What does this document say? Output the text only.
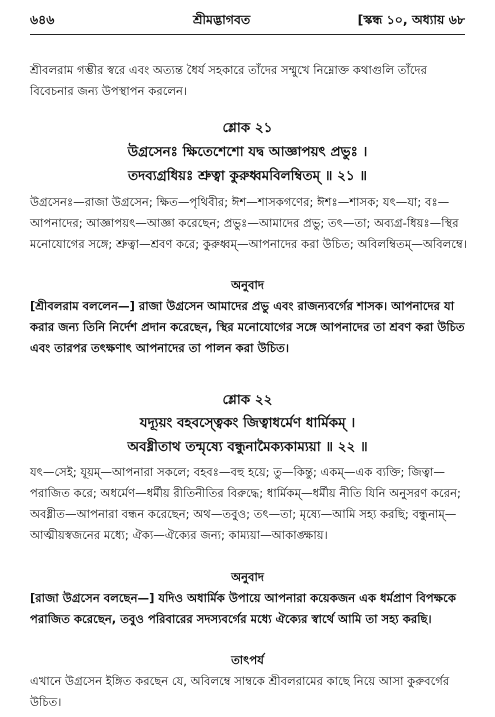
৬৪৬	শ্রীমদ্ভাগবত	[স্কন্ধ ১০, অধ্যায় ৬৮
শ্রীবলরাম গম্ভীর স্বরে এবং অত্যন্ত ধৈর্য সহকারে তাঁদের সম্মুখে নিম্নোক্ত কথাগুলি তাঁদের বিবেচনার জন্য উপস্থাপন করলেন।
শ্লোক ২১
উগ্রসেনঃ ক্ষিতেশেশো যদ্ব আজ্ঞাপয়ৎ প্রভুঃ ।
তদব্যগ্রধিয়ঃ শ্রুত্বা কুরুধ্বমবিলম্বিতম্ ॥ ২১ ॥
উগ্রসেনঃ—রাজা উগ্রসেন; ক্ষিত—পৃথিবীর; ঈশ—শাসকগণের; ঈশঃ—শাসক; যৎ—যা; বঃ—আপনাদের; আজ্ঞাপয়ৎ—আজ্ঞা করেছেন; প্রভুঃ—আমাদের প্রভু; তৎ—তা; অব্যগ্র-ধিয়ঃ—স্থির মনোযোগের সঙ্গে; শ্রুত্বা—শ্রবণ করে; কুরুধ্বম্—আপনাদের করা উচিত; অবিলম্বিতম্—অবিলম্বে।
অনুবাদ
[শ্রীবলরাম বললেন—] রাজা উগ্রসেন আমাদের প্রভু এবং রাজন্যবর্গের শাসক। আপনাদের যা করার জন্য তিনি নির্দেশ প্রদান করেছেন, স্থির মনোযোগের সঙ্গে আপনাদের তা শ্রবণ করা উচিত এবং তারপর তৎক্ষণাৎ আপনাদের তা পালন করা উচিত।
শ্লোক ২২
যদ্যূয়ং বহবস্ত্বেকং জিত্বাধর্মেণ ধার্মিকম্ ।
অবধ্নীতাথ তন্মৃষ্যে বন্ধুনামৈক্যকাম্যয়া ॥ ২২ ॥
যৎ—সেই; যূয়ম্—আপনারা সকলে; বহবঃ—বহু হয়ে; তু—কিন্তু; একম্—এক ব্যক্তি; জিত্বা—পরাজিত করে; অধর্মেণ—ধর্মীয় রীতিনীতির বিরুদ্ধে; ধার্মিকম্—ধর্মীয় নীতি যিনি অনুসরণ করেন; অবধ্নীত—আপনারা বন্ধন করেছেন; অথ—তবুও; তৎ—তা; মৃষ্যে—আমি সহ্য করছি; বন্ধুনাম্—আত্মীয়স্বজনের মধ্যে; ঐক্য—ঐক্যের জন্য; কাম্যয়া—আকাঙ্ক্ষায়।
অনুবাদ
[রাজা উগ্রসেন বলছেন—] যদিও অধার্মিক উপায়ে আপনারা কয়েকজন এক ধর্মপ্রাণ বিপক্ষকে পরাজিত করেছেন, তবুও পরিবারের সদস্যবর্গের মধ্যে ঐক্যের স্বার্থে আমি তা সহ্য করছি।
তাৎপর্য
এখানে উগ্রসেন ইঙ্গিত করছেন যে, অবিলম্বে সাম্বকে শ্রীবলরামের কাছে নিয়ে আসা কুরুবর্গের উচিত।
